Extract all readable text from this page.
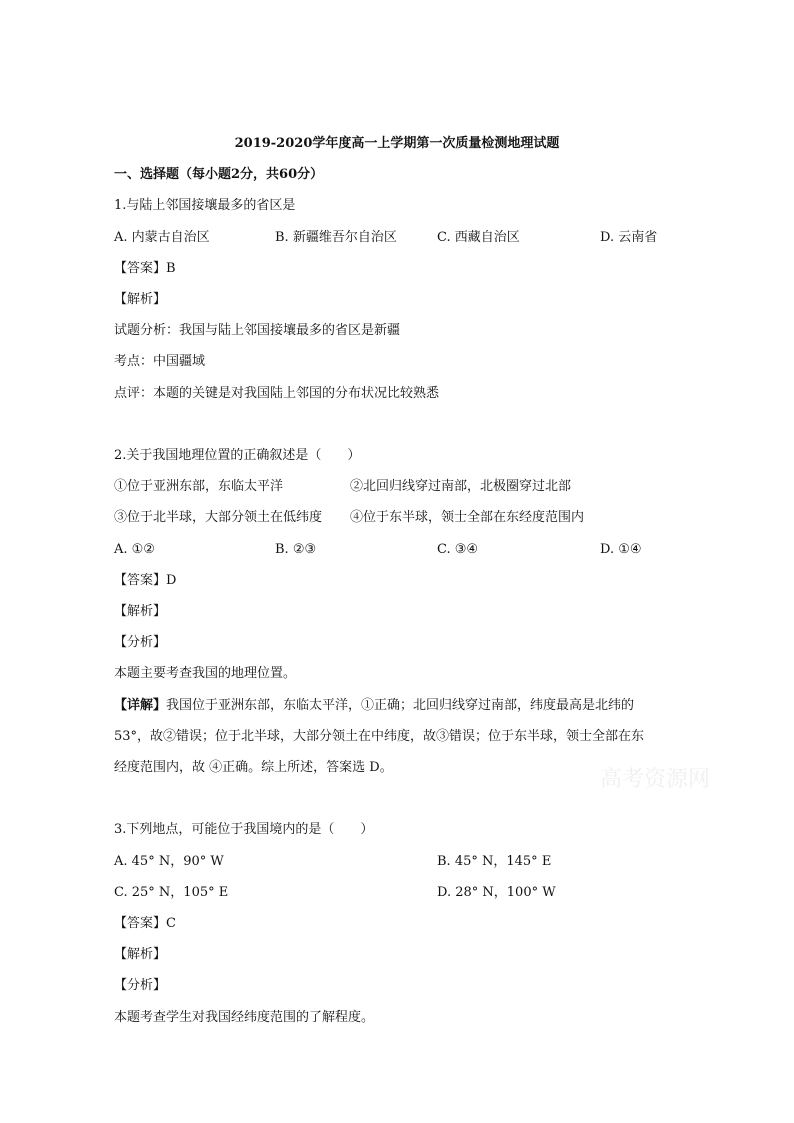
2019-2020学年度高一上学期第一次质量检测地理试题
一、选择题（每小题2分，共60分）
1.与陆上邻国接壤最多的省区是
A. 内蒙古自治区	B. 新疆维吾尔自治区	C. 西藏自治区	D. 云南省
【答案】B
【解析】
试题分析：我国与陆上邻国接壤最多的省区是新疆
考点：中国疆域
点评：本题的关键是对我国陆上邻国的分布状况比较熟悉
2.关于我国地理位置的正确叙述是（　　）
①位于亚洲东部，东临太平洋	②北回归线穿过南部，北极圈穿过北部
③位于北半球，大部分领土在低纬度 ④位于东半球，领士全部在东经度范围内
A. ①②	B. ②③	C. ③④	D. ①④
【答案】D
【解析】
【分析】
本题主要考查我国的地理位置。
【详解】我国位于亚洲东部，东临太平洋，①正确；北回归线穿过南部，纬度最高是北纬的
53°，故②错误；位于北半球，大部分领土在中纬度，故③错误；位于东半球，领士全部在东
经度范围内，故 ④正确。综上所述，答案选 D。
3.下列地点，可能位于我国境内的是（　　）
A. 45° N，90° W	B. 45° N，145° E
C. 25° N，105° E	D. 28° N，100° W
【答案】C
【解析】
【分析】
本题考查学生对我国经纬度范围的了解程度。
高考资源网
